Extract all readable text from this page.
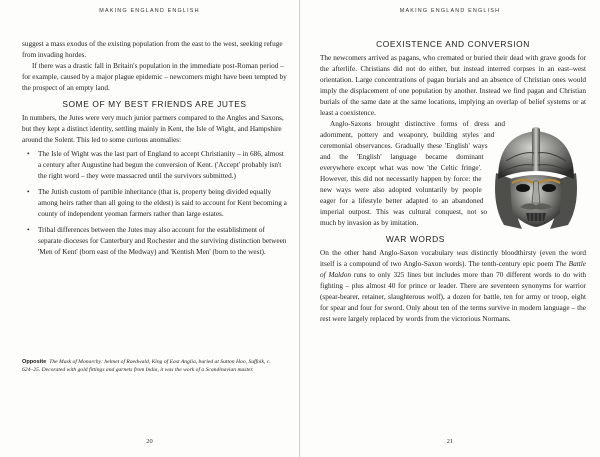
MAKING ENGLAND ENGLISH

suggest a mass exodus of the existing population from the east to the west, seeking refuge from invading hordes.

If there was a drastic fall in Britain's population in the immediate post-Roman period – for example, caused by a major plague epidemic – newcomers might have been tempted by the prospect of an empty land.

SOME OF MY BEST FRIENDS ARE JUTES

In numbers, the Jutes were very much junior partners compared to the Angles and Saxons, but they kept a distinct identity, settling mainly in Kent, the Isle of Wight, and Hampshire around the Solent. This led to some curious anomalies:

• The Isle of Wight was the last part of England to accept Christianity – in 686, almost a century after Augustine had begun the conversion of Kent. ('Accept' probably isn't the right word – they were massacred until the survivors submitted.)
• The Jutish custom of partible inheritance (that is, property being divided equally among heirs rather than all going to the eldest) is said to account for Kent becoming a county of independent yeoman farmers rather than large estates.
• Tribal differences between the Jutes may also account for the establishment of separate dioceses for Canterbury and Rochester and the surviving distinction between 'Men of Kent' (born east of the Medway) and 'Kentish Men' (born to the west).
Opposite The Mask of Monarchy: helmet of Raedwald, King of East Anglia, buried at Sutton Hoo, Suffolk, c. 624–25. Decorated with gold fittings and garnets from India, it was the work of a Scandinavian master.
20
MAKING ENGLAND ENGLISH
COEXISTENCE AND CONVERSION

The newcomers arrived as pagans, who cremated or buried their dead with grave goods for the afterlife. Christians did not do either, but instead interred corpses in an east–west orientation. Large concentrations of pagan burials and an absence of Christian ones would imply the displacement of one population by another. Instead we find pagan and Christian burials of the same date at the same locations, implying an overlap of belief systems or at least a coexistence.

Anglo-Saxons brought distinctive forms of dress and adornment, pottery and weaponry, building styles and ceremonial observances. Gradually these 'English' ways and the 'English' language became dominant everywhere except what was now 'the Celtic fringe'. However, this did not necessarily happen by force: the new ways were also adopted voluntarily by people eager for a lifestyle better adapted to an abandoned imperial outpost. This was cultural conquest, not so much by invasion as by imitation.

WAR WORDS

On the other hand Anglo-Saxon vocabulary was distinctly bloodthirsty (even the word itself is a compound of two Anglo-Saxon words). The tenth-century epic poem The Battle of Maldon runs to only 325 lines but includes more than 70 different words to do with fighting – plus almost 40 for prince or leader. There are seventeen synonyms for warrior (spear-bearer, retainer, slaughterous wolf), a dozen for battle, ten for army or troop, eight for spear and four for sword. Only about ten of the terms survive in modern language – the rest were largely replaced by words from the victorious Normans.

21
